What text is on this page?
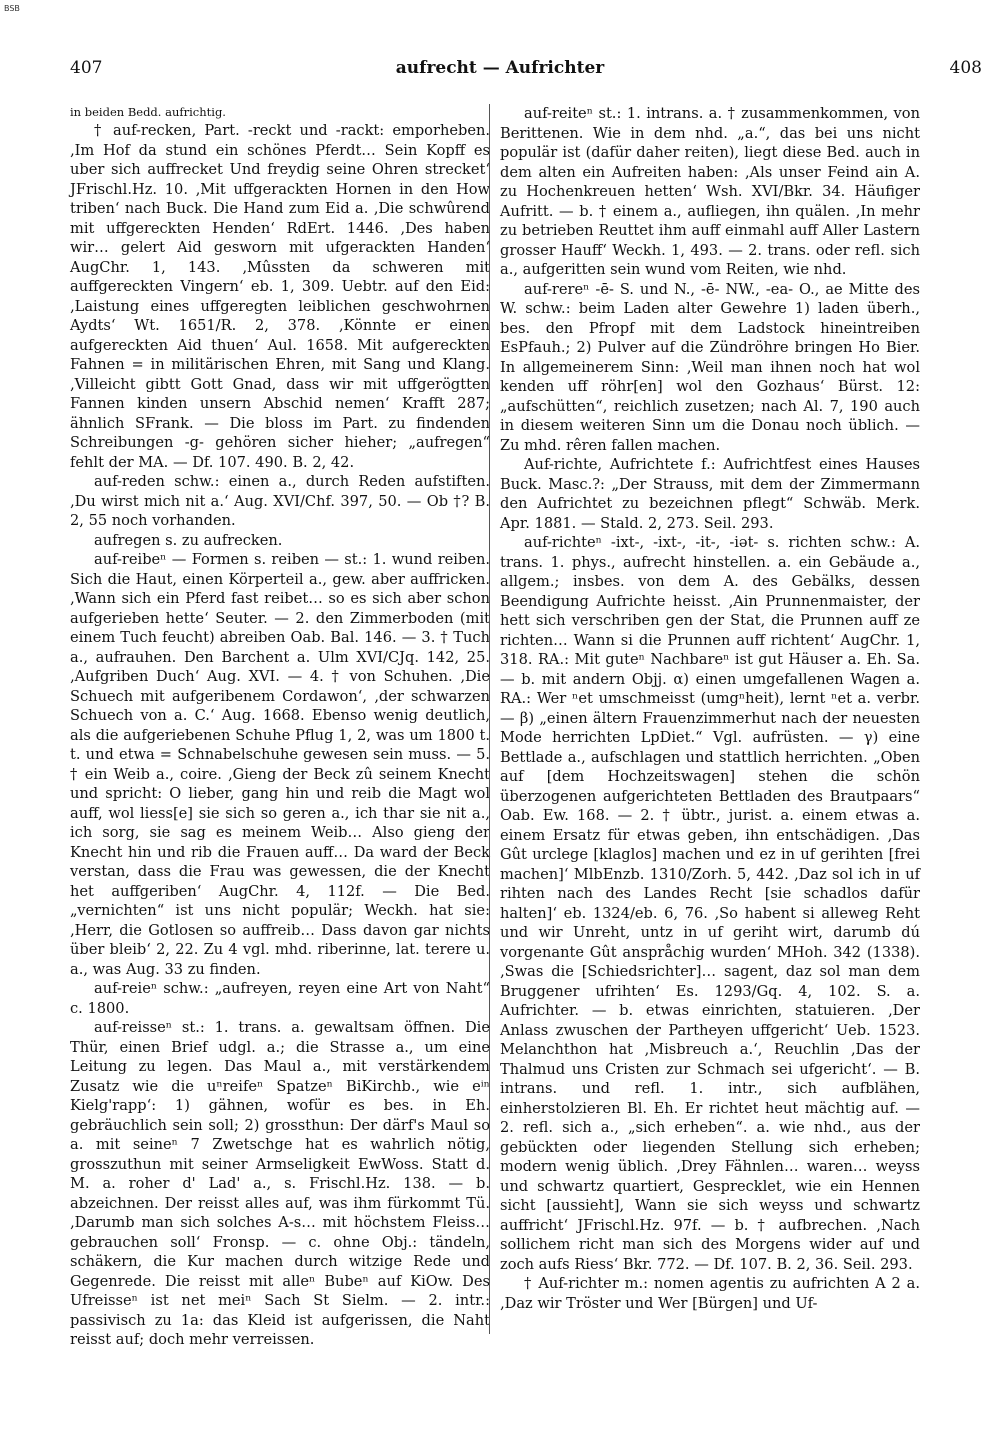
BSB
407	aufrecht — Aufrichter	408

in beiden Bedd. aufrichtig.

† auf-recken, Part. -reckt und -rackt: emporheben. ‚Im Hof da stund ein schönes Pferdt… Sein Kopff es uber sich auffrecket Und freydig seine Ohren strecket‘ JFrischl.Hz. 10. ‚Mit uffgerackten Hornen in den How triben‘ nach Buck. Die Hand zum Eid a. ‚Die schwûrend mit uffgereckten Henden‘ RdErt. 1446. ‚Des haben wir… gelert Aid gesworn mit ufgerackten Handen‘ AugChr. 1, 143. ‚Mûssten da schweren mit auffgereckten Vingern‘ eb. 1, 309. Uebtr. auf den Eid: ‚Laistung eines uffgeregten leiblichen geschwohrnen Aydts‘ Wt. 1651/R. 2, 378. ‚Könnte er einen aufgereckten Aid thuen‘ Aul. 1658. Mit aufgereckten Fahnen = in militärischen Ehren, mit Sang und Klang. ‚Villeicht gibtt Gott Gnad, dass wir mit uffgerögtten Fannen kinden unsern Abschid nemen‘ Krafft 287; ähnlich SFrank. — Die bloss im Part. zu findenden Schreibungen -g- gehören sicher hieher; „aufregen“ fehlt der MA. — Df. 107. 490. B. 2, 42.

auf-reden schw.: einen a., durch Reden aufstiften. ‚Du wirst mich nit a.‘ Aug. XVI/Chf. 397, 50. — Ob †? B. 2, 55 noch vorhanden.

aufregen s. zu aufrecken.

auf-reibeⁿ — Formen s. reiben — st.: 1. wund reiben. Sich die Haut, einen Körperteil a., gew. aber auffricken. ‚Wann sich ein Pferd fast reibet… so es sich aber schon aufgerieben hette‘ Seuter. — 2. den Zimmerboden (mit einem Tuch feucht) abreiben Oab. Bal. 146. — 3. † Tuch a., aufrauhen. Den Barchent a. Ulm XVI/CJq. 142, 25. ‚Aufgriben Duch‘ Aug. XVI. — 4. † von Schuhen. ‚Die Schuech mit aufgeribenem Cordawon‘, ‚der schwarzen Schuech von a. C.‘ Aug. 1668. Ebenso wenig deutlich, als die aufgeriebenen Schuhe Pflug 1, 2, was um 1800 t. t. und etwa = Schnabelschuhe gewesen sein muss. — 5. † ein Weib a., coire. ‚Gieng der Beck zû seinem Knecht und spricht: O lieber, gang hin und reib die Magt wol auff, wol liess[e] sie sich so geren a., ich thar sie nit a., ich sorg, sie sag es meinem Weib… Also gieng der Knecht hin und rib die Frauen auff… Da ward der Beck verstan, dass die Frau was gewessen, die der Knecht het auffgeriben‘ AugChr. 4, 112f. — Die Bed. „vernichten“ ist uns nicht populär; Weckh. hat sie: ‚Herr, die Gotlosen so auffreib… Dass davon gar nichts über bleib‘ 2, 22. Zu 4 vgl. mhd. riberinne, lat. terere u. a., was Aug. 33 zu finden.

auf-reieⁿ schw.: „aufreyen, reyen eine Art von Naht“ c. 1800.

auf-reisseⁿ st.: 1. trans. a. gewaltsam öffnen. Die Thür, einen Brief udgl. a.; die Strasse a., um eine Leitung zu legen. Das Maul a., mit verstärkendem Zusatz wie die uⁿreifeⁿ Spatzeⁿ BiKirchb., wie eⁱⁿ Kielg'rapp‘: 1) gähnen, wofür es bes. in Eh. gebräuchlich sein soll; 2) grossthun: Der därf's Maul so a. mit seineⁿ 7 Zwetschge hat es wahrlich nötig, grosszuthun mit seiner Armseligkeit EwWoss. Statt d. M. a. roher d' Lad' a., s. Frischl.Hz. 138. — b. abzeichnen. Der reisst alles auf, was ihm fürkommt Tü. ‚Darumb man sich solches A-s… mit höchstem Fleiss… gebrauchen soll‘ Fronsp. — c. ohne Obj.: tändeln, schäkern, die Kur machen durch witzige Rede und Gegenrede. Die reisst mit alleⁿ Bubeⁿ auf KiOw. Des Ufreisseⁿ ist net meiⁿ Sach St Sielm. — 2. intr.: passivisch zu 1a: das Kleid ist aufgerissen, die Naht reisst auf; doch mehr verreissen.

auf-reiteⁿ st.: 1. intrans. a. † zusammenkommen, von Berittenen. Wie in dem nhd. „a.“, das bei uns nicht populär ist (dafür daher reiten), liegt diese Bed. auch in dem alten ein Aufreiten haben: ‚Als unser Feind ain A. zu Hochenkreuen hetten‘ Wsh. XVI/Bkr. 34. Häufiger Aufritt. — b. † einem a., aufliegen, ihn quälen. ‚In mehr zu betrieben Reuttet ihm auff einmahl auff Aller Lastern grosser Hauff‘ Weckh. 1, 493. — 2. trans. oder refl. sich a., aufgeritten sein wund vom Reiten, wie nhd.

auf-rereⁿ -ē- S. und N., -ē- NW., -ea- O., ae Mitte des W. schw.: beim Laden alter Gewehre 1) laden überh., bes. den Pfropf mit dem Ladstock hineintreiben EsPfauh.; 2) Pulver auf die Zündröhre bringen Ho Bier. In allgemeinerem Sinn: ‚Weil man ihnen noch hat wol kenden uff röhr[en] wol den Gozhaus‘ Bürst. 12: „aufschütten“, reichlich zusetzen; nach Al. 7, 190 auch in diesem weiteren Sinn um die Donau noch üblich. — Zu mhd. rêren fallen machen.

Auf-richte, Aufrichtete f.: Aufrichtfest eines Hauses Buck. Masc.?: „Der Strauss, mit dem der Zimmermann den Aufrichtet zu bezeichnen pflegt“ Schwäb. Merk. Apr. 1881. — Stald. 2, 273. Seil. 293.

auf-richteⁿ -ixt-, -ixt-, -it-, -iət- s. richten schw.: A. trans. 1. phys., aufrecht hinstellen. a. ein Gebäude a., allgem.; insbes. von dem A. des Gebälks, dessen Beendigung Aufrichte heisst. ‚Ain Prunnenmaister, der hett sich verschriben gen der Stat, die Prunnen auff ze richten… Wann si die Prunnen auff richtent‘ AugChr. 1, 318. RA.: Mit guteⁿ Nachbareⁿ ist gut Häuser a. Eh. Sa. — b. mit andern Objj. α) einen umgefallenen Wagen a. RA.: Wer ⁿet umschmeisst (umgⁿheit), lernt ⁿet a. verbr. — β) „einen ältern Frauenzimmerhut nach der neuesten Mode herrichten LpDiet.“ Vgl. aufrüsten. — γ) eine Bettlade a., aufschlagen und stattlich herrichten. „Oben auf [dem Hochzeitswagen] stehen die schön überzogenen aufgerichteten Bettladen des Brautpaars“ Oab. Ew. 168. — 2. † übtr., jurist. a. einem etwas a. einem Ersatz für etwas geben, ihn entschädigen. ‚Das Gût urclege [klaglos] machen und ez in uf gerihten [frei machen]‘ MlbEnzb. 1310/Zorh. 5, 442. ‚Daz sol ich in uf rihten nach des Landes Recht [sie schadlos dafür halten]‘ eb. 1324/eb. 6, 76. ‚So habent si alleweg Reht und wir Unreht, untz in uf geriht wirt, darumb dú vorgenante Gût anspråchig wurden‘ MHoh. 342 (1338). ‚Swas die [Schiedsrichter]… sagent, daz sol man dem Bruggener ufrihten‘ Es. 1293/Gq. 4, 102. S. a. Aufrichter. — b. etwas einrichten, statuieren. ‚Der Anlass zwuschen der Partheyen uffgericht‘ Ueb. 1523. Melanchthon hat ‚Misbreuch a.‘, Reuchlin ‚Das der Thalmud uns Cristen zur Schmach sei ufgericht‘. — B. intrans. und refl. 1. intr., sich aufblähen, einherstolzieren Bl. Eh. Er richtet heut mächtig auf. — 2. refl. sich a., „sich erheben“. a. wie nhd., aus der gebückten oder liegenden Stellung sich erheben; modern wenig üblich. ‚Drey Fähnlen… waren… weyss und schwartz quartiert, Gesprecklet, wie ein Hennen sicht [aussieht], Wann sie sich weyss und schwartz auffricht‘ JFrischl.Hz. 97f. — b. † aufbrechen. ‚Nach sollichem richt man sich des Morgens wider auf und zoch aufs Riess‘ Bkr. 772. — Df. 107. B. 2, 36. Seil. 293.

† Auf-richter m.: nomen agentis zu aufrichten A 2 a. ‚Daz wir Tröster und Wer [Bürgen] und Uf-
